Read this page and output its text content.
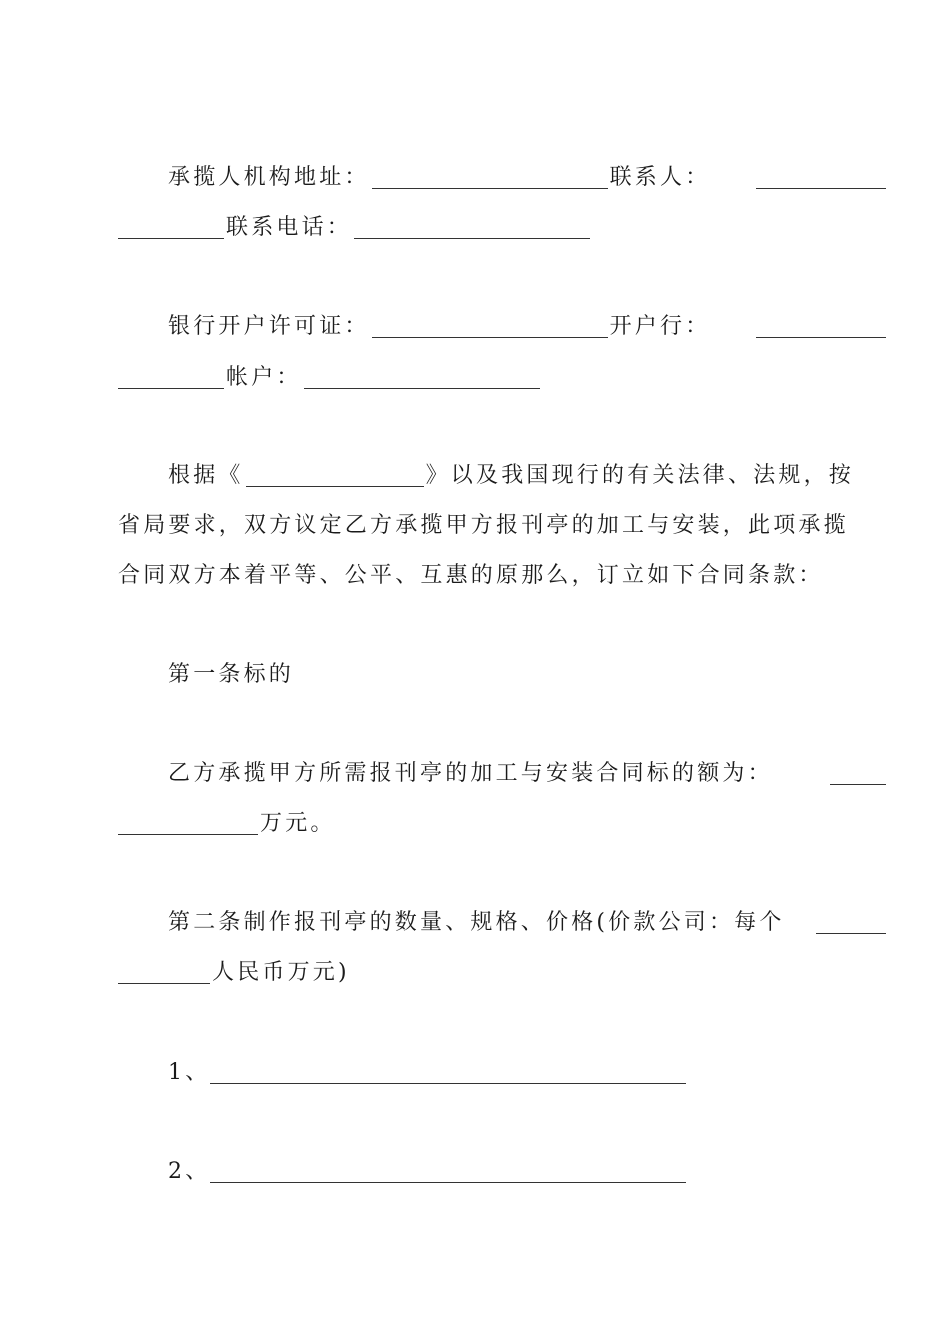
承揽人机构地址：	联系人：
联系电话：
银行开户许可证：	开户行：
帐户：
根据《	》以及我国现行的有关法律、法规，按
省局要求，双方议定乙方承揽甲方报刊亭的加工与安装，此项承揽
合同双方本着平等、公平、互惠的原那么，订立如下合同条款：
第一条标的
乙方承揽甲方所需报刊亭的加工与安装合同标的额为：
万元。
第二条制作报刊亭的数量、规格、价格(价款公司：每个
人民币万元)
1、
2、
